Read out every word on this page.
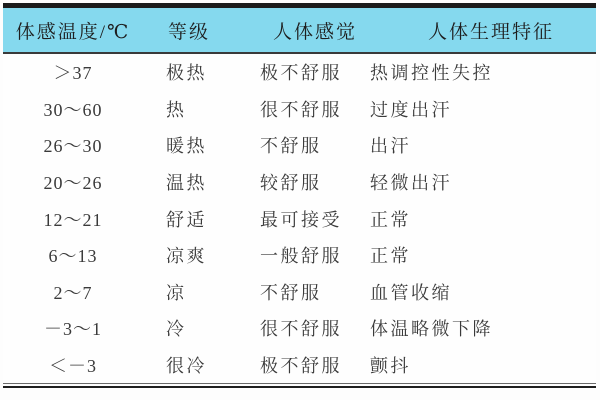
体感温度/℃	等级	人体感觉	人体生理特征
＞37	极热	极不舒服	热调控性失控
30～60	热	很不舒服	过度出汗
26～30	暖热	不舒服	出汗
20～26	温热	较舒服	轻微出汗
12～21	舒适	最可接受	正常
6～13	凉爽	一般舒服	正常
2～7	凉	不舒服	血管收缩
－3～1	冷	很不舒服	体温略微下降
＜－3	很冷	极不舒服	颤抖
